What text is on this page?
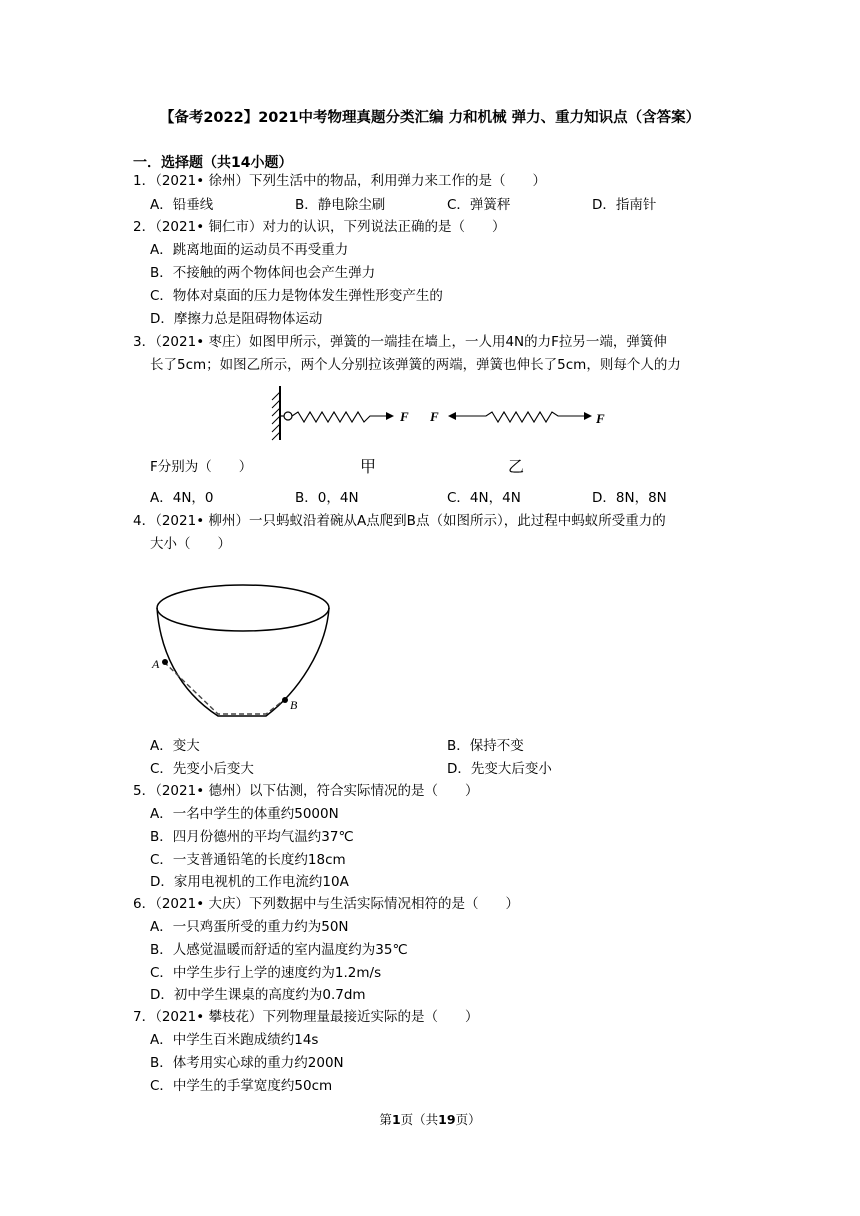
【备考2022】2021中考物理真题分类汇编 力和机械 弹力、重力知识点（含答案）
一．选择题（共14小题）
1．（2021• 徐州）下列生活中的物品，利用弹力来工作的是（　　）
A．铅垂线	B．静电除尘刷	C．弹簧秤	D．指南针
2．（2021• 铜仁市）对力的认识，下列说法正确的是（　　）
A．跳离地面的运动员不再受重力
B．不接触的两个物体间也会产生弹力
C．物体对桌面的压力是物体发生弹性形变产生的
D．摩擦力总是阻碍物体运动
3．（2021• 枣庄）如图甲所示，弹簧的一端挂在墙上，一人用4N的力F拉另一端，弹簧伸
长了5cm；如图乙所示，两个人分别拉该弹簧的两端，弹簧也伸长了5cm，则每个人的力
F F	F
F分别为（　　）	甲	乙
A．4N，0	B．0，4N	C．4N，4N	D．8N，8N
4．（2021• 柳州）一只蚂蚁沿着碗从A点爬到B点（如图所示），此过程中蚂蚁所受重力的
大小（　　）
A
B
A．变大	B．保持不变
C．先变小后变大	D．先变大后变小
5．（2021• 德州）以下估测，符合实际情况的是（　　）
A．一名中学生的体重约5000N
B．四月份德州的平均气温约37℃
C．一支普通铅笔的长度约18cm
D．家用电视机的工作电流约10A
6．（2021• 大庆）下列数据中与生活实际情况相符的是（　　）
A．一只鸡蛋所受的重力约为50N
B．人感觉温暖而舒适的室内温度约为35℃
C．中学生步行上学的速度约为1.2m/s
D．初中学生课桌的高度约为0.7dm
7．（2021• 攀枝花）下列物理量最接近实际的是（　　）
A．中学生百米跑成绩约14s
B．体考用实心球的重力约200N
C．中学生的手掌宽度约50cm
第1页（共19页）
